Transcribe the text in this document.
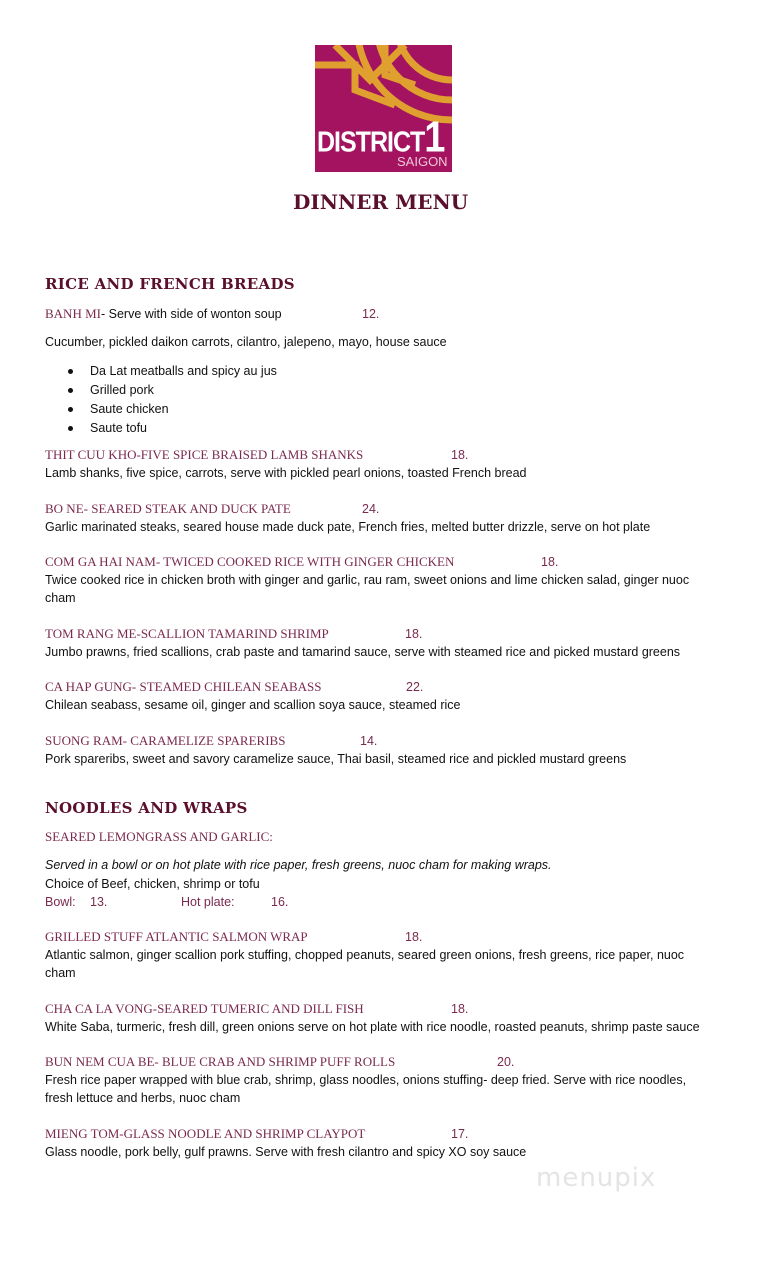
DISTRICT1
SAIGON
DINNER MENU
RICE AND FRENCH BREADS
BANH MI- Serve with side of wonton soup	12.
Cucumber, pickled daikon carrots, cilantro, jalepeno, mayo, house sauce
Da Lat meatballs and spicy au jus
Grilled pork
Saute chicken
Saute tofu
THIT CUU KHO-FIVE SPICE BRAISED LAMB SHANKS	18.
Lamb shanks, five spice, carrots, serve with pickled pearl onions, toasted French bread
BO NE- SEARED STEAK AND DUCK PATE	24.
Garlic marinated steaks, seared house made duck pate, French fries, melted butter drizzle, serve on hot plate
COM GA HAI NAM- TWICED COOKED RICE WITH GINGER CHICKEN	18.
Twice cooked rice in chicken broth with ginger and garlic, rau ram, sweet onions and lime chicken salad, ginger nuoc
cham
TOM RANG ME-SCALLION TAMARIND SHRIMP	18.
Jumbo prawns, fried scallions, crab paste and tamarind sauce, serve with steamed rice and picked mustard greens
CA HAP GUNG- STEAMED CHILEAN SEABASS	22.
Chilean seabass, sesame oil, ginger and scallion soya sauce, steamed rice
SUONG RAM- CARAMELIZE SPARERIBS	14.
Pork spareribs, sweet and savory caramelize sauce, Thai basil, steamed rice and pickled mustard greens
NOODLES AND WRAPS
SEARED LEMONGRASS AND GARLIC:
Served in a bowl or on hot plate with rice paper, fresh greens, nuoc cham for making wraps.
Choice of Beef, chicken, shrimp or tofu
Bowl: 13.	Hot plate:	16.
GRILLED STUFF ATLANTIC SALMON WRAP	18.
Atlantic salmon, ginger scallion pork stuffing, chopped peanuts, seared green onions, fresh greens, rice paper, nuoc
cham
CHA CA LA VONG-SEARED TUMERIC AND DILL FISH	18.
White Saba, turmeric, fresh dill, green onions serve on hot plate with rice noodle, roasted peanuts, shrimp paste sauce
BUN NEM CUA BE- BLUE CRAB AND SHRIMP PUFF ROLLS	20.
Fresh rice paper wrapped with blue crab, shrimp, glass noodles, onions stuffing- deep fried. Serve with rice noodles,
fresh lettuce and herbs, nuoc cham
MIENG TOM-GLASS NOODLE AND SHRIMP CLAYPOT	17.
Glass noodle, pork belly, gulf prawns. Serve with fresh cilantro and spicy XO soy sauce
menupix
